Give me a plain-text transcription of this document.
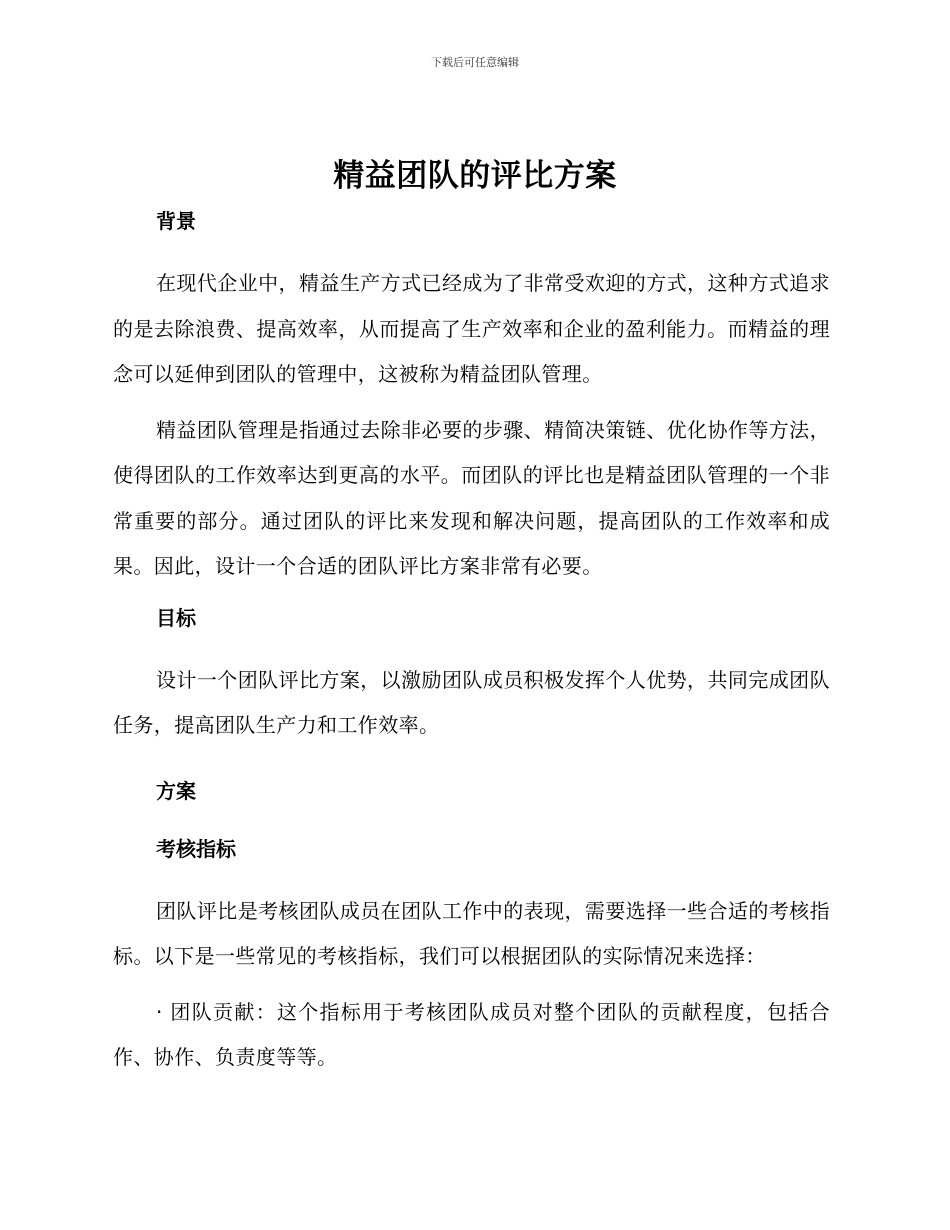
下载后可任意编辑
精益团队的评比方案

背景

在现代企业中，精益生产方式已经成为了非常受欢迎的方式，这种方式追求的是去除浪费、提高效率，从而提高了生产效率和企业的盈利能力。而精益的理念可以延伸到团队的管理中，这被称为精益团队管理。

精益团队管理是指通过去除非必要的步骤、精简决策链、优化协作等方法，使得团队的工作效率达到更高的水平。而团队的评比也是精益团队管理的一个非常重要的部分。通过团队的评比来发现和解决问题，提高团队的工作效率和成果。因此，设计一个合适的团队评比方案非常有必要。

目标

设计一个团队评比方案，以激励团队成员积极发挥个人优势，共同完成团队任务，提高团队生产力和工作效率。

方案

考核指标

团队评比是考核团队成员在团队工作中的表现，需要选择一些合适的考核指标。以下是一些常见的考核指标，我们可以根据团队的实际情况来选择：

· 团队贡献：这个指标用于考核团队成员对整个团队的贡献程度，包括合作、协作、负责度等等。
